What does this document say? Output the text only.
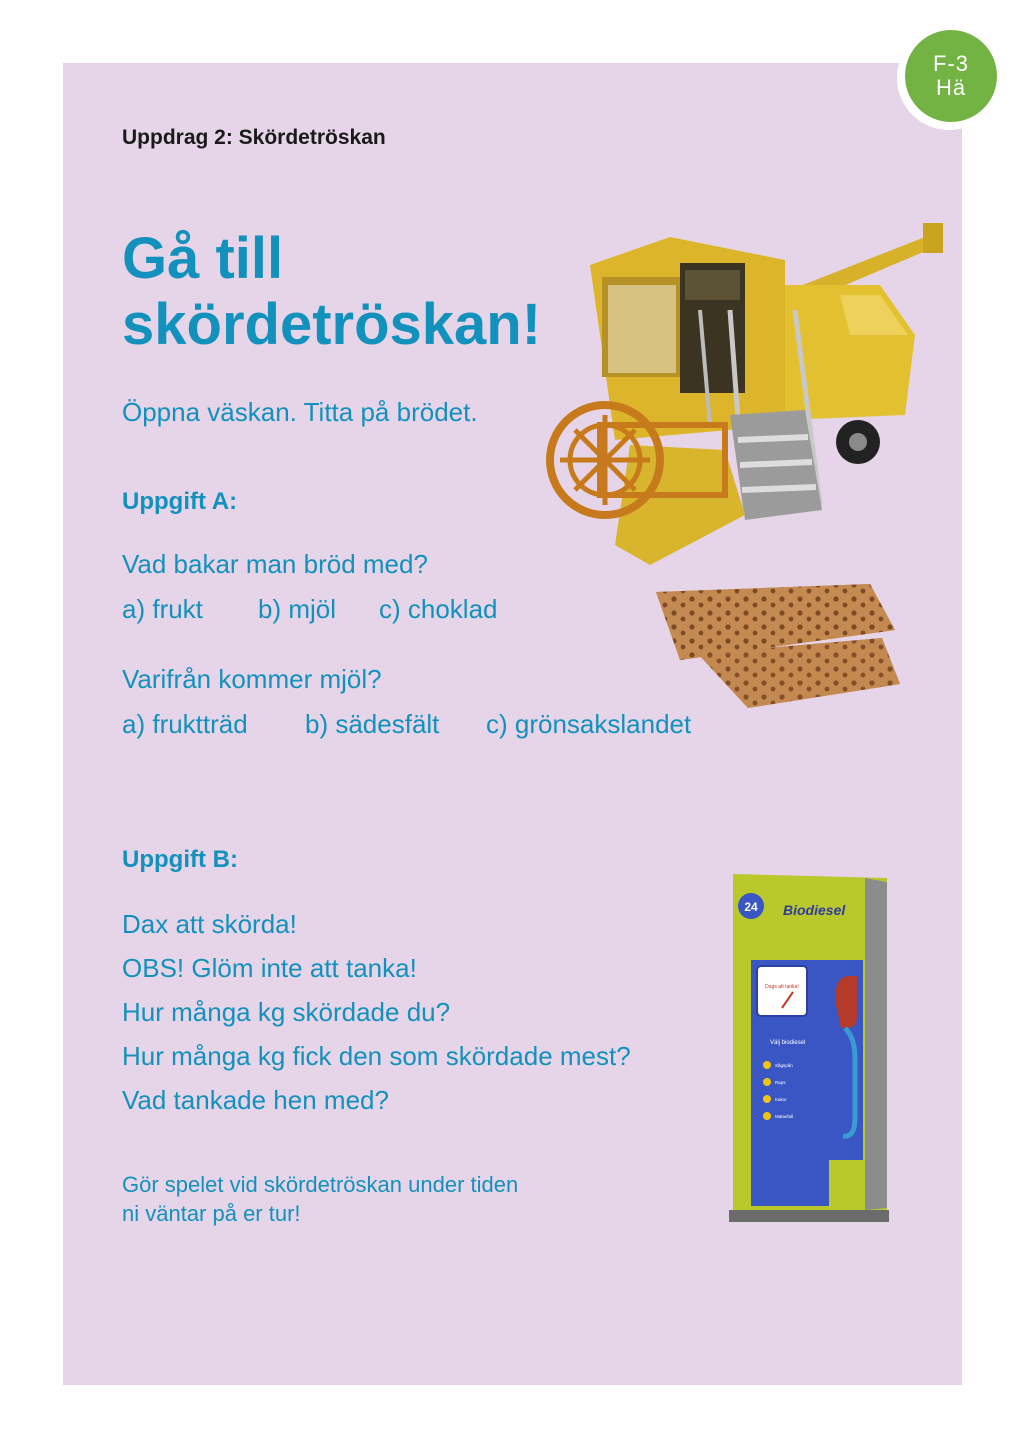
F-3
Hä

Uppdrag 2: Skördetröskan

Gå till
skördetröskan!

Öppna väskan. Titta på brödet.

Uppgift A:

Vad bakar man bröd med?

a) frukt b) mjöl c) choklad

Varifrån kommer mjöl?

a) fruktträd b) sädesfält c) grönsakslandet

Uppgift B:

Dax att skörda!
OBS! Glöm inte att tanka!
Hur många kg skördade du?
Hur många kg fick den som skördade mest?
Vad tankade hen med?

Gör spelet vid skördetröskan under tiden
ni väntar på er tur!

24 Biodiesel
Dags att tanka!
Välj biodiesel
Sågspån
Raps
Kakor
Matavfall
